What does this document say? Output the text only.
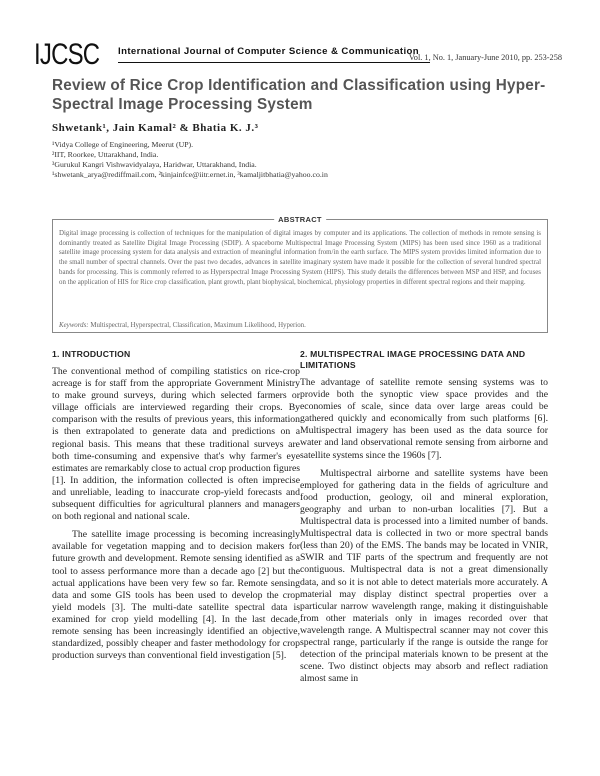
IJCSC	International Journal of Computer Science & Communication
Vol. 1, No. 1, January-June 2010, pp. 253-258
Review of Rice Crop Identification and Classification using Hyper-Spectral Image Processing System
Shwetank¹, Jain Kamal² & Bhatia K. J.³
¹Vidya College of Engineering, Meerut (UP).
²IIT, Roorkee, Uttarakhand, India.
³Gurukul Kangri Vishwavidyalaya, Haridwar, Uttarakhand, India.
¹shwetank_arya@rediffmail.com, ²kinjainfce@iitr.ernet.in, ³kamaljitbhatia@yahoo.co.in
ABSTRACT

Digital image processing is collection of techniques for the manipulation of digital images by computer and its applications. The collection of methods in remote sensing is dominantly treated as Satellite Digital Image Processing (SDIP). A spaceborne Multispectral Image Processing System (MIPS) has been used since 1960 as a traditional satellite image processing system for data analysis and extraction of meaningful information from/in the earth surface. The MIPS system provides limited information due to the small number of spectral channels. Over the past two decades, advances in satellite imaginary system have made it possible for the collection of several hundred spectral bands for processing. This is commonly referred to as Hyperspectral Image Processing System (HIPS). This study details the differences between MSP and HSP, and focuses on the application of HIS for Rice crop classification, plant growth, plant biophysical, biochemical, physiology properties in different spectral regions and their mapping.

Keywords: Multispectral, Hyperspectral, Classification, Maximum Likelihood, Hyperion.
1. INTRODUCTION

The conventional method of compiling statistics on rice-crop acreage is for staff from the appropriate Government Ministry to make ground surveys, during which selected farmers or village officials are interviewed regarding their crops. By comparison with the results of previous years, this information is then extrapolated to generate data and predictions on a regional basis. This means that these traditional surveys are both time-consuming and expensive that's why farmer's eye estimates are remarkably close to actual crop production figures [1]. In addition, the information collected is often imprecise and unreliable, leading to inaccurate crop-yield forecasts and subsequent difficulties for agricultural planners and managers on both regional and national scale.

The satellite image processing is becoming increasingly available for vegetation mapping and to decision makers for future growth and development. Remote sensing identified as a tool to assess performance more than a decade ago [2] but the actual applications have been very few so far. Remote sensing data and some GIS tools has been used to develop the crop yield models [3]. The multi-date satellite spectral data is examined for crop yield modelling [4]. In the last decade, remote sensing has been increasingly identified an objective, standardized, possibly cheaper and faster methodology for crop production surveys than conventional field investigation [5].

2. MULTISPECTRAL IMAGE PROCESSING DATA AND LIMITATIONS

The advantage of satellite remote sensing systems was to provide both the synoptic view space provides and the economies of scale, since data over large areas could be gathered quickly and economically from such platforms [6]. Multispectral imagery has been used as the data source for water and land observational remote sensing from airborne and satellite systems since the 1960s [7].

Multispectral airborne and satellite systems have been employed for gathering data in the fields of agriculture and food production, geology, oil and mineral exploration, geography and urban to non-urban localities [7]. But a Multispectral data is processed into a limited number of bands. Multispectral data is collected in two or more spectral bands (less than 20) of the EMS. The bands may be located in VNIR, SWIR and TIF parts of the spectrum and frequently are not contiguous. Multispectral data is not a great dimensionally data, and so it is not able to detect materials more accurately. A material may display distinct spectral properties over a particular narrow wavelength range, making it distinguishable from other materials only in images recorded over that wavelength range. A Multispectral scanner may not cover this spectral range, particularly if the range is outside the range for detection of the principal materials known to be present at the scene. Two distinct objects may absorb and reflect radiation almost same in
